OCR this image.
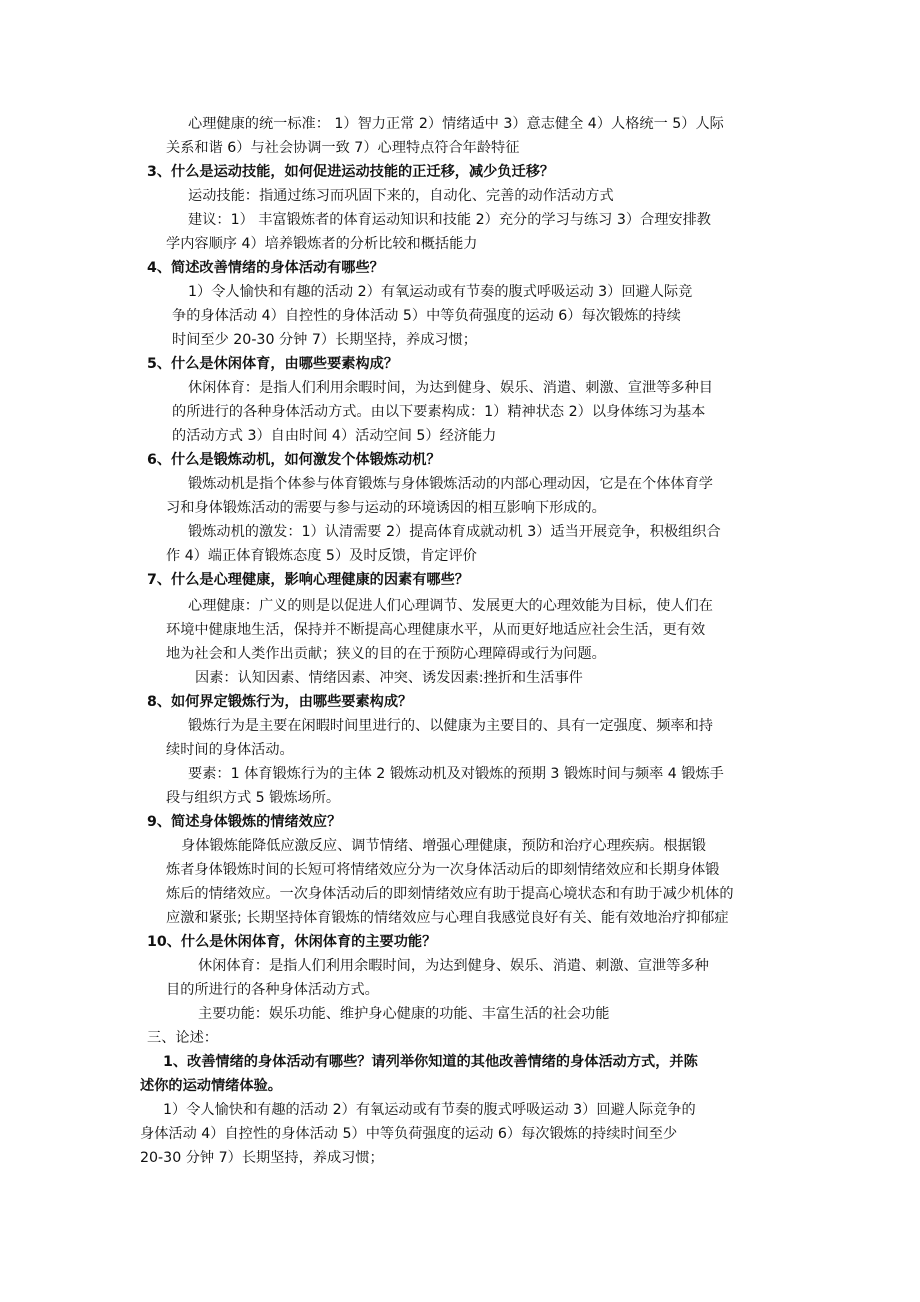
心理健康的统一标准： 1）智力正常 2）情绪适中 3）意志健全 4）人格统一 5）人际
关系和谐 6）与社会协调一致 7）心理特点符合年龄特征
3、什么是运动技能，如何促进运动技能的正迁移，减少负迁移？
运动技能：指通过练习而巩固下来的，自动化、完善的动作活动方式
建议：1） 丰富锻炼者的体育运动知识和技能 2）充分的学习与练习 3）合理安排教
学内容顺序 4）培养锻炼者的分析比较和概括能力
4、简述改善情绪的身体活动有哪些？
1）令人愉快和有趣的活动 2）有氧运动或有节奏的腹式呼吸运动 3）回避人际竞
争的身体活动 4）自控性的身体活动 5）中等负荷强度的运动 6）每次锻炼的持续
时间至少 20-30 分钟 7）长期坚持，养成习惯；
5、什么是休闲体育，由哪些要素构成？
休闲体育：是指人们利用余暇时间，为达到健身、娱乐、消遣、刺激、宣泄等多种目
的所进行的各种身体活动方式。由以下要素构成：1）精神状态 2）以身体练习为基本
的活动方式 3）自由时间 4）活动空间 5）经济能力
6、什么是锻炼动机，如何激发个体锻炼动机？
锻炼动机是指个体参与体育锻炼与身体锻炼活动的内部心理动因，它是在个体体育学
习和身体锻炼活动的需要与参与运动的环境诱因的相互影响下形成的。
锻炼动机的激发：1）认清需要 2）提高体育成就动机 3）适当开展竞争，积极组织合
作 4）端正体育锻炼态度 5）及时反馈，肯定评价
7、什么是心理健康，影响心理健康的因素有哪些？
心理健康：广义的则是以促进人们心理调节、发展更大的心理效能为目标，使人们在
环境中健康地生活，保持并不断提高心理健康水平，从而更好地适应社会生活，更有效
地为社会和人类作出贡献；狭义的目的在于预防心理障碍或行为问题。
因素：认知因素、情绪因素、冲突、诱发因素:挫折和生活事件
8、如何界定锻炼行为，由哪些要素构成？
锻炼行为是主要在闲暇时间里进行的、以健康为主要目的、具有一定强度、频率和持
续时间的身体活动。
要素：1 体育锻炼行为的主体 2 锻炼动机及对锻炼的预期 3 锻炼时间与频率 4 锻炼手
段与组织方式 5 锻炼场所。
9、简述身体锻炼的情绪效应？
身体锻炼能降低应激反应、调节情绪、增强心理健康，预防和治疗心理疾病。根据锻
炼者身体锻炼时间的长短可将情绪效应分为一次身体活动后的即刻情绪效应和长期身体锻
炼后的情绪效应。一次身体活动后的即刻情绪效应有助于提高心境状态和有助于减少机体的
应激和紧张; 长期坚持体育锻炼的情绪效应与心理自我感觉良好有关、能有效地治疗抑郁症
10、什么是休闲体育，休闲体育的主要功能？
休闲体育：是指人们利用余暇时间，为达到健身、娱乐、消遣、刺激、宣泄等多种
目的所进行的各种身体活动方式。
主要功能：娱乐功能、维护身心健康的功能、丰富生活的社会功能
三、论述：
1、改善情绪的身体活动有哪些？请列举你知道的其他改善情绪的身体活动方式，并陈
述你的运动情绪体验。
1）令人愉快和有趣的活动 2）有氧运动或有节奏的腹式呼吸运动 3）回避人际竞争的
身体活动 4）自控性的身体活动 5）中等负荷强度的运动 6）每次锻炼的持续时间至少
20-30 分钟 7）长期坚持，养成习惯；
